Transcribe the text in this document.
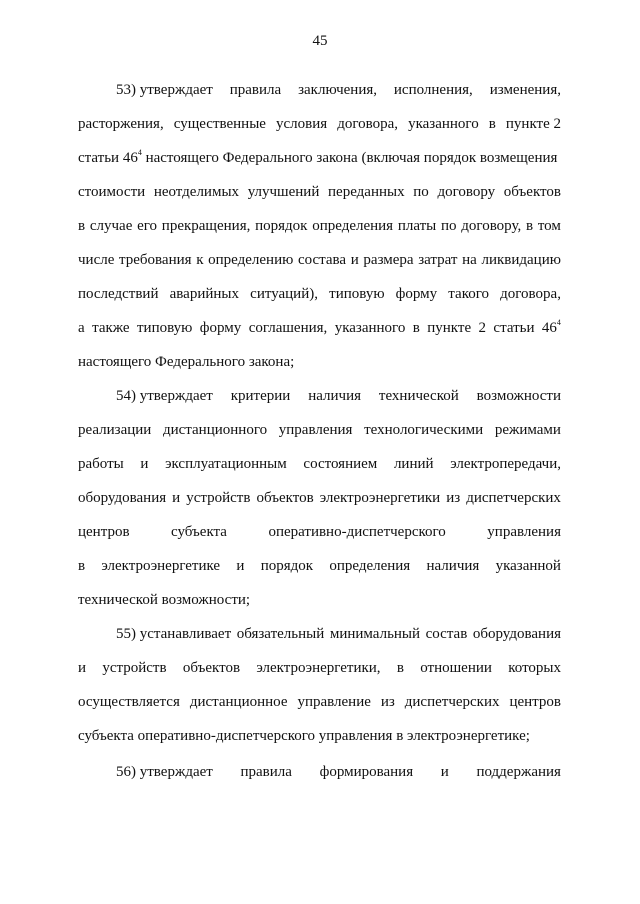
45
53) утверждает правила заключения, исполнения, изменения,
расторжения, существенные условия договора, указанного в пункте 2
статьи $46^4$ настоящего Федерального закона (включая порядок возмещения
стоимости неотделимых улучшений переданных по договору объектов
в случае его прекращения, порядок определения платы по договору, в том
числе требования к определению состава и размера затрат на ликвидацию
последствий аварийных ситуаций), типовую форму такого договора,
а также типовую форму соглашения, указанного в пункте 2 статьи $46^4$
настоящего Федерального закона;
54) утверждает критерии наличия технической возможности
реализации дистанционного управления технологическими режимами
работы и эксплуатационным состоянием линий электропередачи,
оборудования и устройств объектов электроэнергетики из диспетчерских
центров	субъекта	оперативно-диспетчерского	управления
в электроэнергетике и порядок определения наличия указанной
технической возможности;
55) устанавливает обязательный минимальный состав оборудования
и устройств объектов электроэнергетики, в отношении которых
осуществляется дистанционное управление из диспетчерских центров
субъекта оперативно-диспетчерского управления в электроэнергетике;
56) утверждает правила формирования и поддержания
